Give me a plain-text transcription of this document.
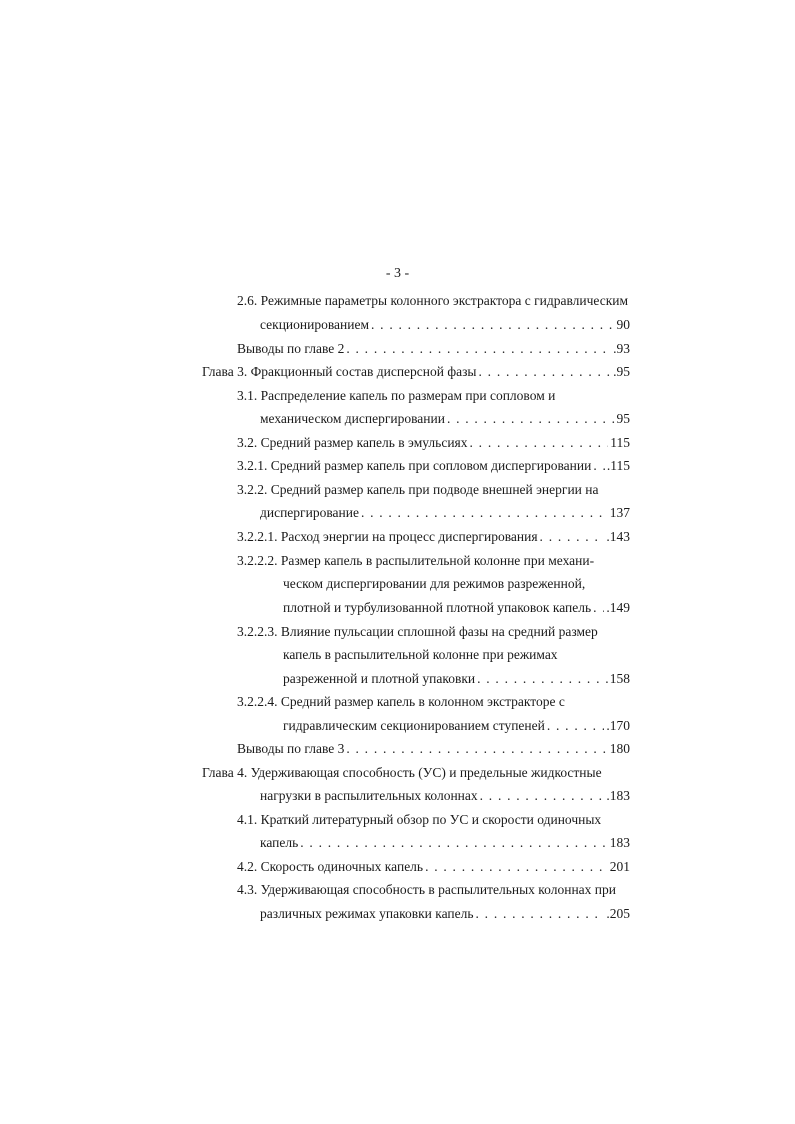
- 3 -
2.6. Режимные параметры колонного экстрактора с гидравлическим
секционированием . . .	90
Выводы по главе 2 . . .	.93
Глава 3. Фракционный состав дисперсной фазы . . .	.95
3.1. Распределение капель по размерам при сопловом и
механическом диспергировании . . .	95
3.2. Средний размер капель в эмульсиях . . .	115
3.2.1. Средний размер капель при сопловом диспергировании . . . .115
3.2.2. Средний размер капель при подводе внешней энергии на
диспергирование . . .	137
3.2.2.1. Расход энергии на процесс диспергирования . . .	.143
3.2.2.2. Размер капель в распылительной колонне при механи-
ческом диспергировании для режимов разреженной,
плотной и турбулизованной плотной упаковок капель . . . .149
3.2.2.3. Влияние пульсации сплошной фазы на средний размер
капель в распылительной колонне при режимах
разреженной и плотной упаковки . . .	158
3.2.2.4. Средний размер капель в колонном экстракторе с
гидравлическим секционированием ступеней . . .	.170
Выводы по главе 3 . . .	180
Глава 4. Удерживающая способность (УС) и предельные жидкостные
нагрузки в распылительных колоннах . . .	.183
4.1. Краткий литературный обзор по УС и скорости одиночных
капель . . .	183
4.2. Скорость одиночных капель . . .	201
4.3. Удерживающая способность в распылительных колоннах при
различных режимах упаковки капель . . .	.205
